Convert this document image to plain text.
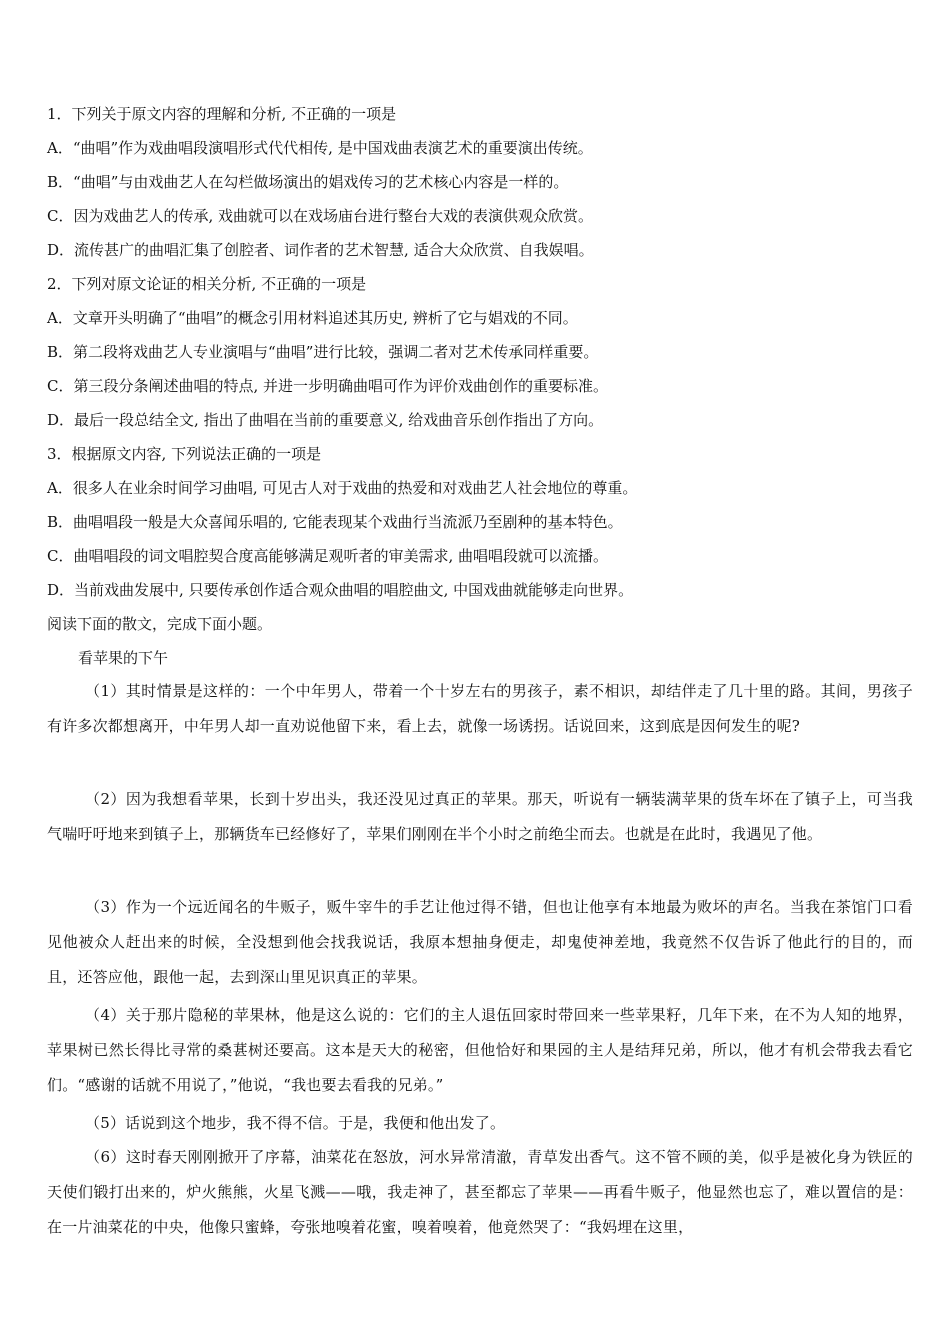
1．下列关于原文内容的理解和分析, 不正确的一项是
A．“曲唱”作为戏曲唱段演唱形式代代相传, 是中国戏曲表演艺术的重要演出传统。
B．“曲唱”与由戏曲艺人在勾栏做场演出的娼戏传习的艺术核心内容是一样的。
C．因为戏曲艺人的传承, 戏曲就可以在戏场庙台进行整台大戏的表演供观众欣赏。
D．流传甚广的曲唱汇集了创腔者、词作者的艺术智慧, 适合大众欣赏、自我娱唱。
2．下列对原文论证的相关分析, 不正确的一项是
A．文章开头明确了“曲唱”的概念引用材料追述其历史, 辨析了它与娼戏的不同。
B．第二段将戏曲艺人专业演唱与“曲唱”进行比较，强调二者对艺术传承同样重要。
C．第三段分条阐述曲唱的特点, 并进一步明确曲唱可作为评价戏曲创作的重要标准。
D．最后一段总结全文, 指出了曲唱在当前的重要意义, 给戏曲音乐创作指出了方向。
3．根据原文内容, 下列说法正确的一项是
A．很多人在业余时间学习曲唱, 可见古人对于戏曲的热爱和对戏曲艺人社会地位的尊重。
B．曲唱唱段一般是大众喜闻乐唱的, 它能表现某个戏曲行当流派乃至剧种的基本特色。
C．曲唱唱段的词文唱腔契合度高能够满足观听者的审美需求, 曲唱唱段就可以流播。
D．当前戏曲发展中, 只要传承创作适合观众曲唱的唱腔曲文, 中国戏曲就能够走向世界。
阅读下面的散文，完成下面小题。
看苹果的下午
（1）其时情景是这样的：一个中年男人，带着一个十岁左右的男孩子，素不相识，却结伴走了几十里的路。其间，男孩子有许多次都想离开，中年男人却一直劝说他留下来，看上去，就像一场诱拐。话说回来，这到底是因何发生的呢?
（2）因为我想看苹果，长到十岁出头，我还没见过真正的苹果。那天，听说有一辆装满苹果的货车坏在了镇子上，可当我气喘吁吁地来到镇子上，那辆货车已经修好了，苹果们刚刚在半个小时之前绝尘而去。也就是在此时，我遇见了他。
（3）作为一个远近闻名的牛贩子，贩牛宰牛的手艺让他过得不错，但也让他享有本地最为败坏的声名。当我在茶馆门口看见他被众人赶出来的时候，全没想到他会找我说话，我原本想抽身便走，却鬼使神差地，我竟然不仅告诉了他此行的目的，而且，还答应他，跟他一起，去到深山里见识真正的苹果。
（4）关于那片隐秘的苹果林，他是这么说的：它们的主人退伍回家时带回来一些苹果籽，几年下来，在不为人知的地界，苹果树已然长得比寻常的桑葚树还要高。这本是天大的秘密，但他恰好和果园的主人是结拜兄弟，所以，他才有机会带我去看它们。“感谢的话就不用说了，”他说，“我也要去看我的兄弟。”
（5）话说到这个地步，我不得不信。于是，我便和他出发了。
（6）这时春天刚刚掀开了序幕，油菜花在怒放，河水异常清澈，青草发出香气。这不管不顾的美，似乎是被化身为铁匠的天使们锻打出来的，炉火熊熊，火星飞溅——哦，我走神了，甚至都忘了苹果——再看牛贩子，他显然也忘了，难以置信的是：在一片油菜花的中央，他像只蜜蜂，夸张地嗅着花蜜，嗅着嗅着，他竟然哭了：“我妈埋在这里，
